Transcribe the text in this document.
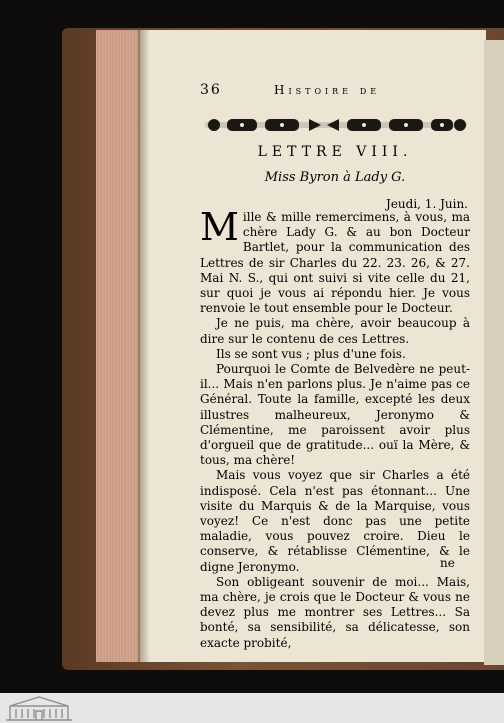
36	Histoire de
LETTRE VIII.
Miss Byron à Lady G.
Jeudi, 1. Juin.

Mille & mille remercimens, à vous, ma chère Lady G. & au bon Docteur Bartlet, pour la communication des Lettres de sir Charles du 22. 23. 26, & 27. Mai N. S., qui ont suivi si vite celle du 21, sur quoi je vous ai répondu hier. Je vous renvoie le tout ensemble pour le Docteur.

Je ne puis, ma chère, avoir beaucoup à dire sur le contenu de ces Lettres.

Ils se sont vus ; plus d'une fois.

Pourquoi le Comte de Belvedère ne peut-il... Mais n'en parlons plus. Je n'aime pas ce Général. Toute la famille, excepté les deux illustres malheureux, Jeronymo & Clémentine, me paroissent avoir plus d'orgueil que de gratitude... ouï la Mère, & tous, ma chère!

Mais vous voyez que sir Charles a été indisposé. Cela n'est pas étonnant... Une visite du Marquis & de la Marquise, vous voyez! Ce n'est donc pas une petite maladie, vous pouvez croire. Dieu le conserve, & rétablisse Clémentine, & le digne Jeronymo.

Son obligeant souvenir de moi... Mais, ma chère, je crois que le Docteur & vous ne devez plus me montrer ses Lettres... Sa bonté, sa sensibilité, sa délicatesse, son exacte probité,

ne
